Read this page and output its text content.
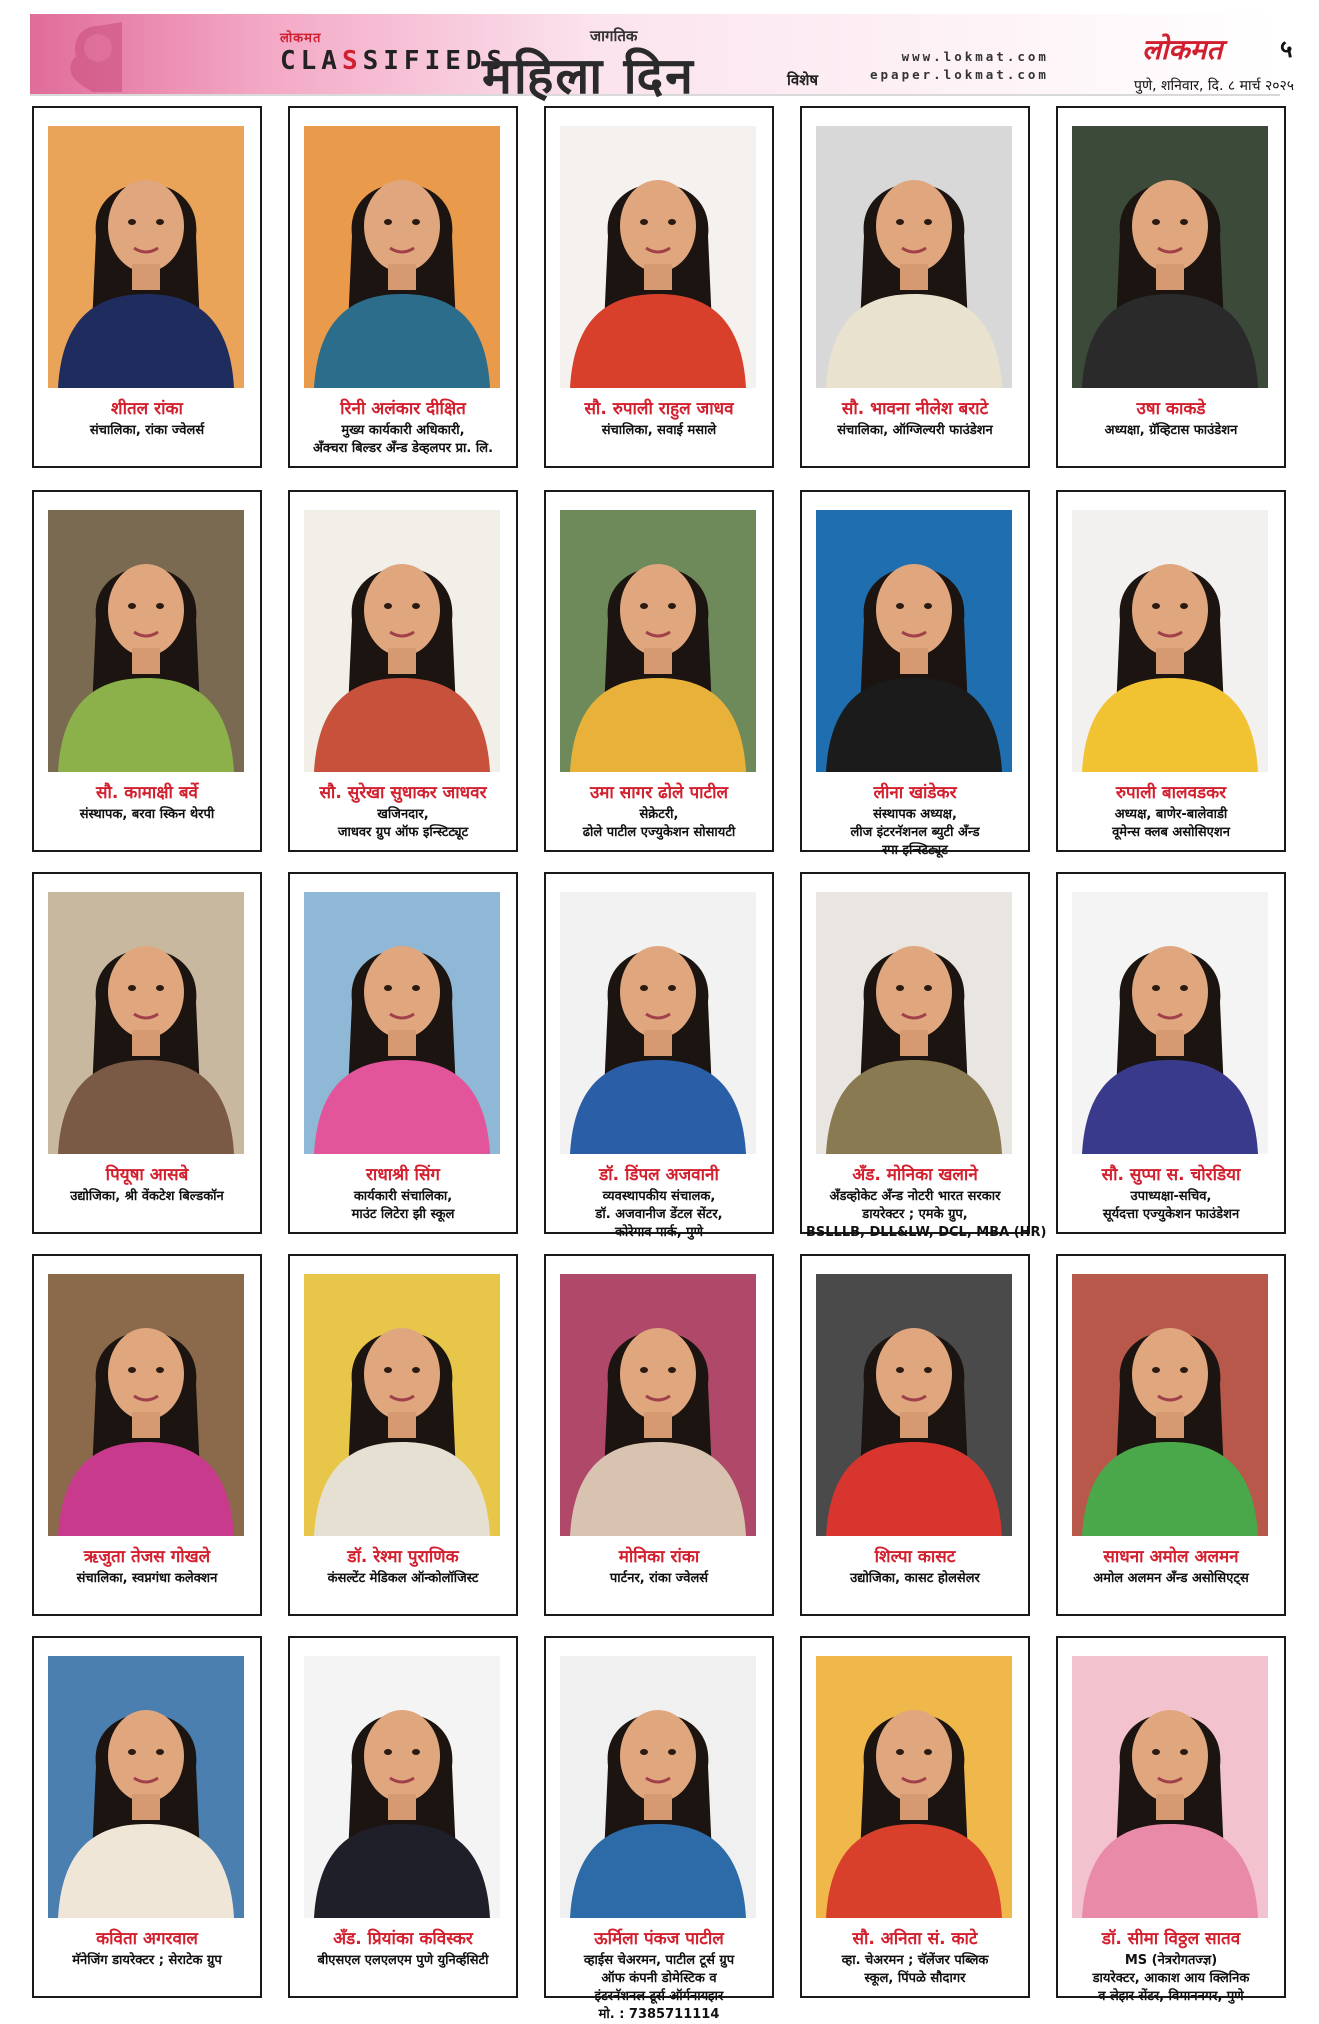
लोकमत
CLASSIFIEDS
जागतिक
महिला दिन	विशेष
www.lokmat.com
epaper.lokmat.com
लोकमत ५
पुणे, शनिवार, दि. ८ मार्च २०२५
शीतल रांका
संचालिका, रांका ज्वेलर्स
रिनी अलंकार दीक्षित
मुख्य कार्यकारी अधिकारी,
अँक्चरा बिल्डर अँन्ड डेव्हलपर प्रा. लि.
सौ. रुपाली राहुल जाधव
संचालिका, सवाई मसाले
सौ. भावना नीलेश बराटे
संचालिका, ऑग्जिल्यरी फाउंडेशन
उषा काकडे
अध्यक्षा, ग्रॅव्हिटास फाउंडेशन
सौ. कामाक्षी बर्वे
संस्थापक, बरवा स्किन थेरपी
सौ. सुरेखा सुधाकर जाधवर
खजिनदार,
जाधवर ग्रुप ऑफ इन्स्टिट्यूट
उमा सागर ढोले पाटील
सेक्रेटरी,
ढोले पाटील एज्युकेशन सोसायटी
लीना खांडेकर
संस्थापक अध्यक्ष,
लीज इंटरनॅशनल ब्युटी अँन्ड
स्पा इन्स्टिट्यूट
रुपाली बालवडकर
अध्यक्ष, बाणेर-बालेवाडी
वूमेन्स क्लब असोसिएशन
पियूषा आसबे
उद्योजिका, श्री वेंकटेश बिल्डकॉन
राधाश्री सिंग
कार्यकारी संचालिका,
माउंट लिटेरा झी स्कूल
डॉ. डिंपल अजवानी
व्यवस्थापकीय संचालक,
डॉ. अजवानीज डेंटल सेंटर,
कोरेगाव पार्क, पुणे
अँड. मोनिका खलाने
अँडव्होकेट अँन्ड नोटरी भारत सरकार
डायरेक्टर ; एमके ग्रुप,
BSLLLB, DLL&LW, DCL, MBA (HR)
सौ. सुप्पा स. चोरडिया
उपाध्यक्षा-सचिव,
सूर्यदत्ता एज्युकेशन फाउंडेशन
ऋजुता तेजस गोखले
संचालिका, स्वप्नगंधा कलेक्शन
डॉ. रेश्मा पुराणिक
कंसल्टेंट मेडिकल ऑन्कोलॉजिस्ट
मोनिका रांका
पार्टनर, रांका ज्वेलर्स
शिल्पा कासट
उद्योजिका, कासट होलसेलर
साधना अमोल अलमन
अमोल अलमन अँन्ड असोसिएट्स
कविता अगरवाल
मॅनेजिंग डायरेक्टर ; सेराटेक ग्रुप
अँड. प्रियांका कविस्कर
बीएसएल एलएलएम पुणे युनिर्व्हसिटी
ऊर्मिला पंकज पाटील
व्हाईस चेअरमन, पाटील टूर्स ग्रुप
ऑफ कंपनी डोमेस्टिक व
इंटरनॅशनल टूर्स ऑर्गनायझर
मो. : 7385711114
सौ. अनिता सं. काटे
व्हा. चेअरमन ; चॅलेंजर पब्लिक
स्कूल, पिंपळे सौदागर
डॉ. सीमा विठ्ठल सातव
MS (नेत्ररोगतज्ज्ञ)
डायरेक्टर, आकाश आय क्लिनिक
व लेझर सेंटर, विमाननगर, पुणे
